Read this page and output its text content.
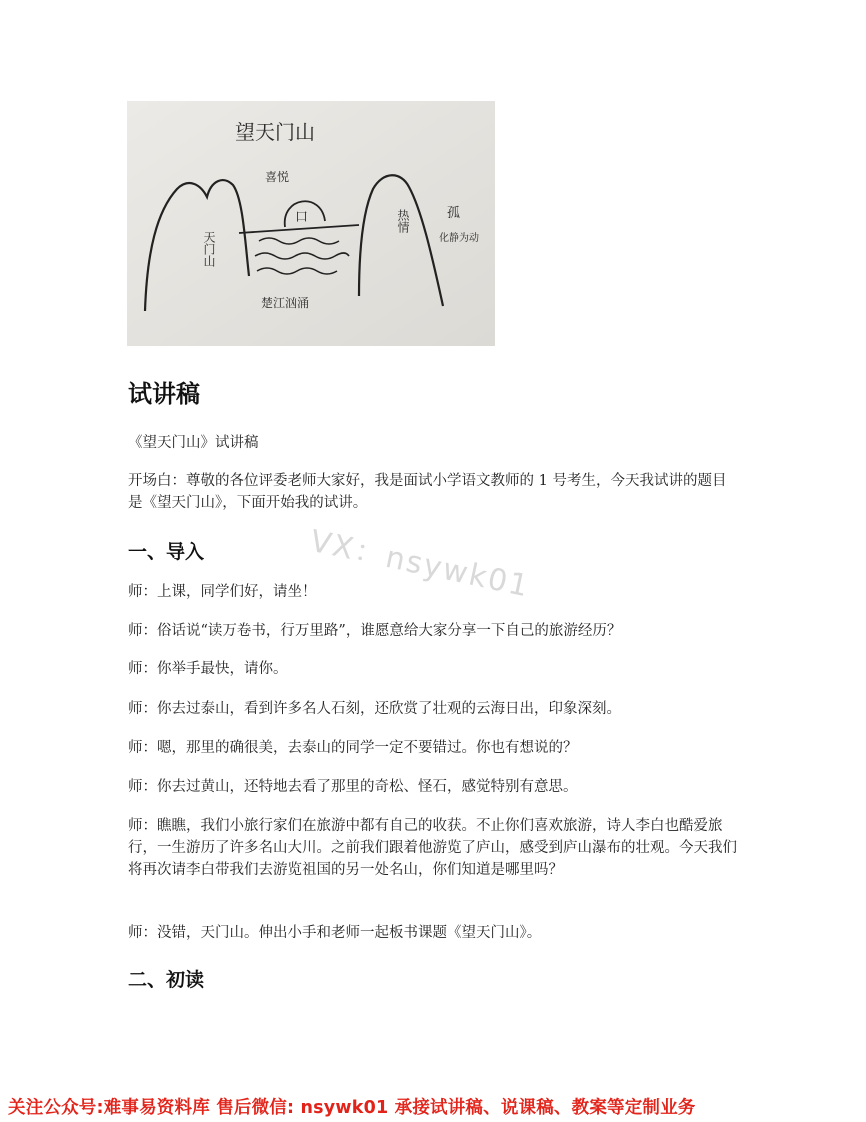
望天门山
喜悦
口
天门山
热情	孤
化静为动
楚江汹涌
试讲稿
《望天门山》试讲稿
开场白：尊敬的各位评委老师大家好，我是面试小学语文教师的 1 号考生，今天我试讲的题目是《望天门山》，下面开始我的试讲。
VX：nsywk01
一、导入
师：上课，同学们好，请坐！
师：俗话说“读万卷书，行万里路”，谁愿意给大家分享一下自己的旅游经历？
师：你举手最快，请你。
师：你去过泰山，看到许多名人石刻，还欣赏了壮观的云海日出，印象深刻。
师：嗯，那里的确很美，去泰山的同学一定不要错过。你也有想说的？
师：你去过黄山，还特地去看了那里的奇松、怪石，感觉特别有意思。
师：瞧瞧，我们小旅行家们在旅游中都有自己的收获。不止你们喜欢旅游，诗人李白也酷爱旅行，一生游历了许多名山大川。之前我们跟着他游览了庐山，感受到庐山瀑布的壮观。今天我们将再次请李白带我们去游览祖国的另一处名山，你们知道是哪里吗？
师：没错，天门山。伸出小手和老师一起板书课题《望天门山》。
二、初读
关注公众号:难事易资料库 售后微信: nsywk01 承接试讲稿、说课稿、教案等定制业务
